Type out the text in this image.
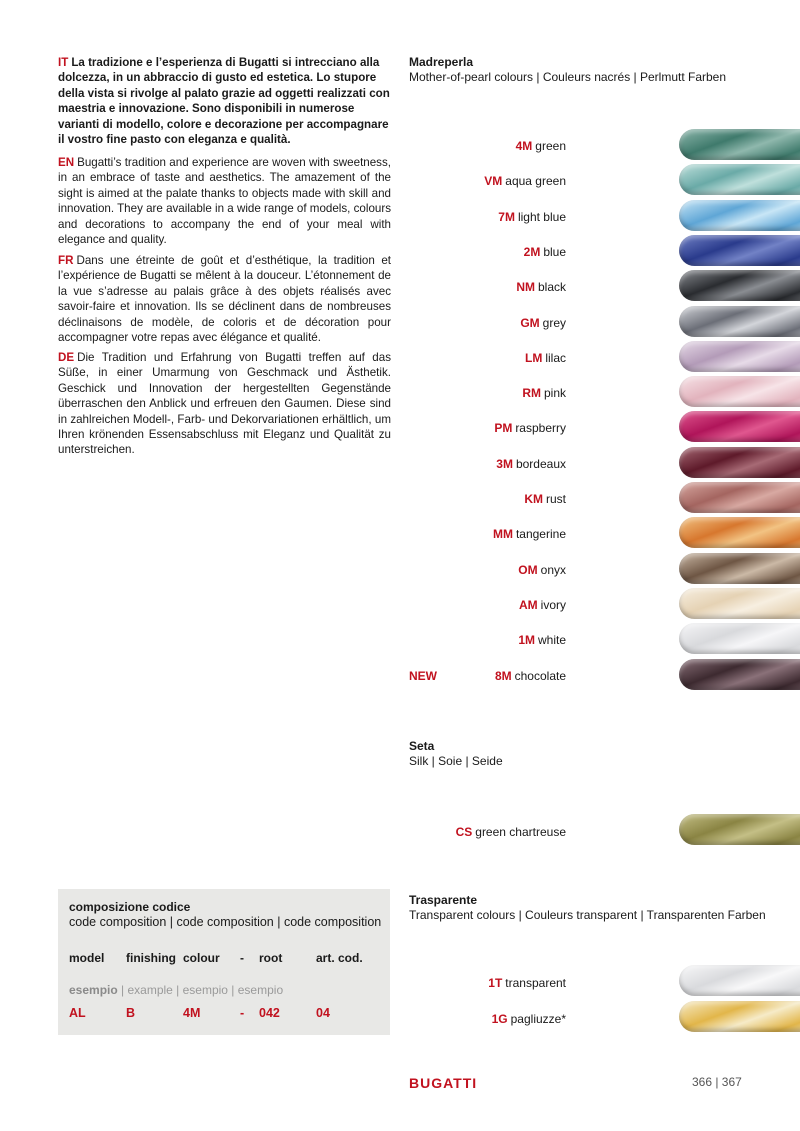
IT La tradizione e l’esperienza di Bugatti si intrecciano alla dolcezza, in un abbraccio di gusto ed estetica. Lo stupore della vista si rivolge al palato grazie ad oggetti realizzati con maestria e innovazione. Sono disponibili in numerose varianti di modello, colore e decorazione per accompagnare il vostro fine pasto con eleganza e qualità.
EN Bugatti’s tradition and experience are woven with sweetness, in an embrace of taste and aesthetics. The amazement of the sight is aimed at the palate thanks to objects made with skill and innovation. They are available in a wide range of models, colours and decorations to accompany the end of your meal with elegance and quality.
FR Dans une étreinte de goût et d’esthétique, la tradition et l’expérience de Bugatti se mêlent à la douceur. L’étonnement de la vue s’adresse au palais grâce à des objets réalisés avec savoir-faire et innovation. Ils se déclinent dans de nombreuses déclinaisons de modèle, de coloris et de décoration pour accompagner votre repas avec élégance et qualité.
DE Die Tradition und Erfahrung von Bugatti treffen auf das Süße, in einer Umarmung von Geschmack und Ästhetik. Geschick und Innovation der hergestellten Gegenstände überraschen den Anblick und erfreuen den Gaumen. Diese sind in zahlreichen Modell-, Farb- und Dekorvariationen erhältlich, um Ihren krönenden Essensabschluss mit Eleganz und Qualität zu unterstreichen.
Madreperla
Mother-of-pearl colours | Couleurs nacrés | Perlmutt Farben
Seta
Silk | Soie | Seide
Trasparente
Transparent colours | Couleurs transparent | Transparenten Farben
4M green
VM aqua green
7M light blue
2M blue
NM black
GM grey
LM lilac
RM pink
PM raspberry
3M bordeaux
KM rust
MM tangerine
OM onyx
AM ivory
1M white
8M chocolate
NEW
CS green chartreuse
1T transparent
1G pagliuzze*
composizione codice
code composition | code composition | code composition
model finishing colour - root	art. cod.
esempio | example | esempio | esempio
AL	B	4M	- 042	04
BUGATTI	366 | 367
